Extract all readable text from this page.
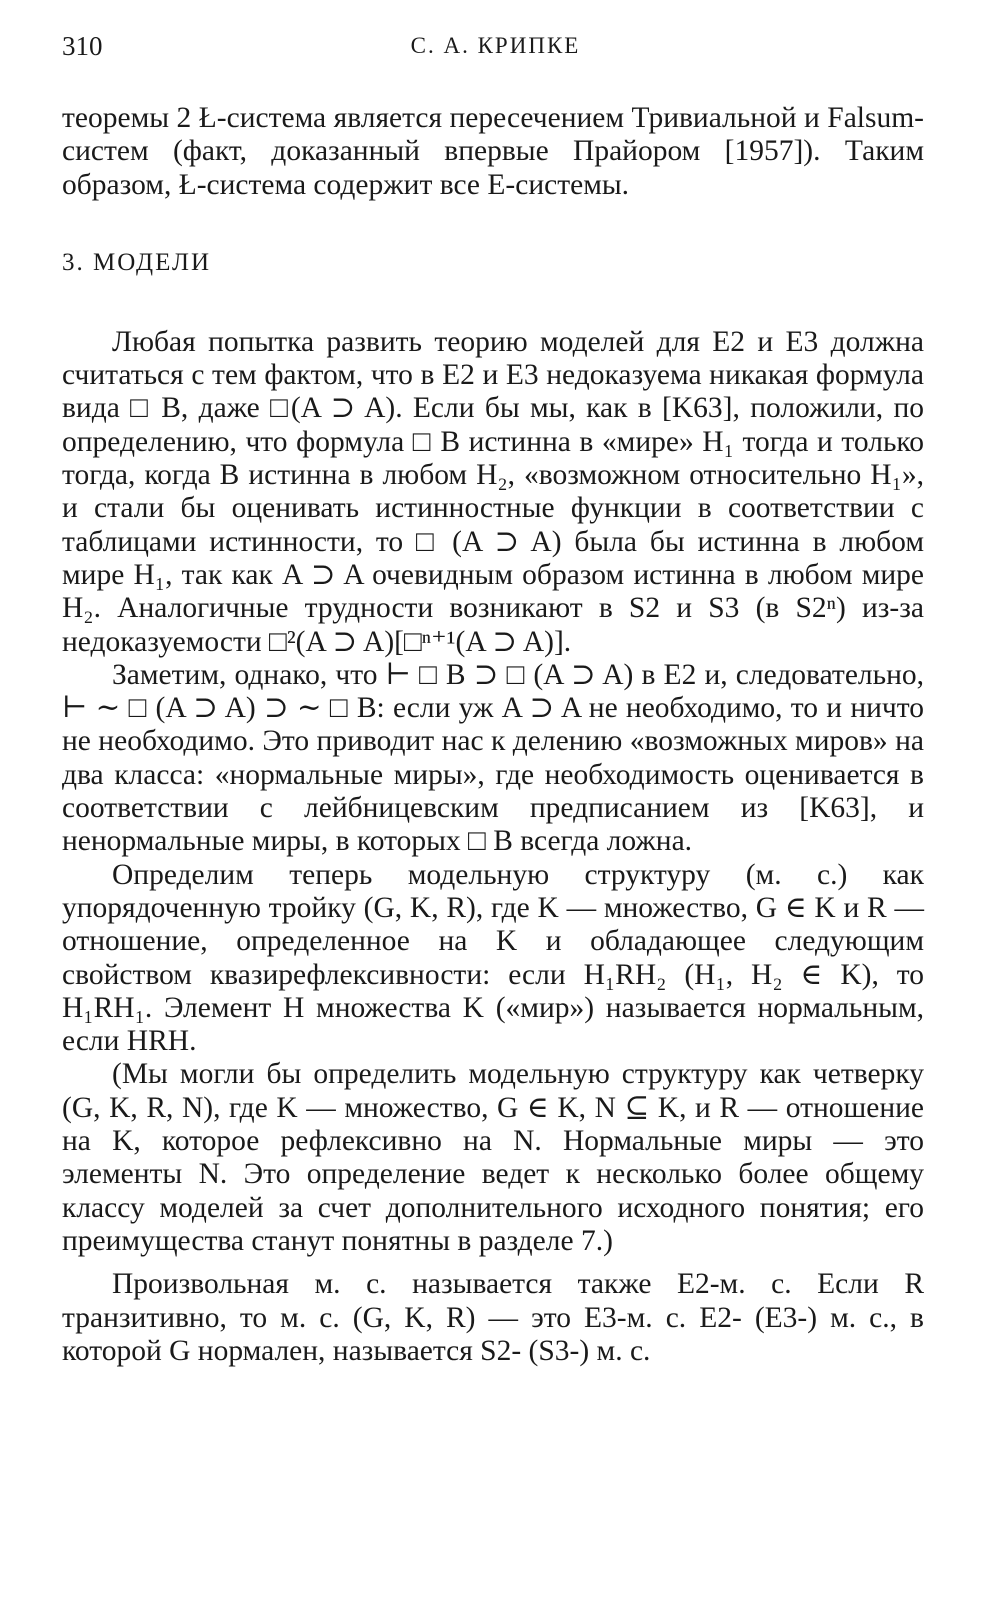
310	С. А. КРИПКЕ

теоремы 2 Ł-система является пересечением Тривиальной и Falsum-систем (факт, доказанный впервые Прайором [1957]). Таким образом, Ł-система содержит все E-системы.

3. МОДЕЛИ

Любая попытка развить теорию моделей для E2 и E3 должна считаться с тем фактом, что в E2 и E3 недоказуема никакая формула вида □ B, даже □(A ⊃ A). Если бы мы, как в [K63], положили, по определению, что формула □ B истинна в «мире» H₁ тогда и только тогда, когда B истинна в любом H₂, «возможном относительно H₁», и стали бы оценивать истинностные функции в соответствии с таблицами истинности, то □ (A ⊃ A) была бы истинна в любом мире H₁, так как A ⊃ A очевидным образом истинна в любом мире H₂. Аналогичные трудности возникают в S2 и S3 (в S2ⁿ) из-за недоказуемости □²(A ⊃ A)[□ⁿ⁺¹(A ⊃ A)].

Заметим, однако, что ⊢ □ B ⊃ □ (A ⊃ A) в E2 и, следовательно, ⊢ ∼ □ (A ⊃ A) ⊃ ∼ □ B: если уж A ⊃ A не необходимо, то и ничто не необходимо. Это приводит нас к делению «возможных миров» на два класса: «нормальные миры», где необходимость оценивается в соответствии с лейбницевским предписанием из [K63], и ненормальные миры, в которых □ B всегда ложна.

Определим теперь модельную структуру (м. с.) как упорядоченную тройку (G, K, R), где K — множество, G ∈ K и R — отношение, определенное на K и обладающее следующим свойством квазирефлексивности: если H₁RH₂ (H₁, H₂ ∈ K), то H₁RH₁. Элемент H множества K («мир») называется нормальным, если HRH.

(Мы могли бы определить модельную структуру как четверку (G, K, R, N), где K — множество, G ∈ K, N ⊆ K, и R — отношение на K, которое рефлексивно на N. Нормальные миры — это элементы N. Это определение ведет к несколько более общему классу моделей за счет дополнительного исходного понятия; его преимущества станут понятны в разделе 7.)

Произвольная м. с. называется также E2-м. с. Если R транзитивно, то м. с. (G, K, R) — это E3-м. с. E2- (E3-) м. с., в которой G нормален, называется S2- (S3-) м. с.
